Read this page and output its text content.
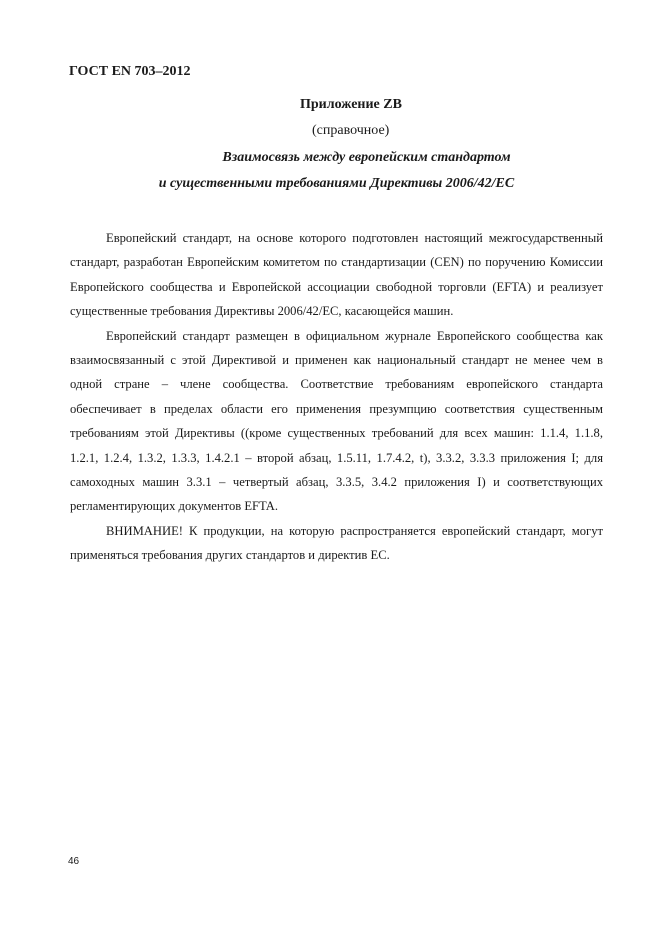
ГОСТ EN 703–2012
Приложение ZB
(справочное)
Взаимосвязь между европейским стандартом
и существенными требованиями Директивы 2006/42/ЕС

Европейский стандарт, на основе которого подготовлен настоящий межгосударственный стандарт, разработан Европейским комитетом по стандартизации (CEN) по поручению Комиссии Европейского сообщества и Европейской ассоциации свободной торговли (EFTA) и реализует существенные требования Директивы 2006/42/ЕС, касающейся машин.

Европейский стандарт размещен в официальном журнале Европейского сообщества как взаимосвязанный с этой Директивой и применен как национальный стандарт не менее чем в одной стране – члене сообщества. Соответствие требованиям европейского стандарта обеспечивает в пределах области его применения презумпцию соответствия существенным требованиям этой Директивы ((кроме существенных требований для всех машин: 1.1.4, 1.1.8, 1.2.1, 1.2.4, 1.3.2, 1.3.3, 1.4.2.1 – второй абзац, 1.5.11, 1.7.4.2, t), 3.3.2, 3.3.3 приложения I; для самоходных машин 3.3.1 – четвертый абзац, 3.3.5, 3.4.2 приложения I) и соответствующих регламентирующих документов EFTA.

ВНИМАНИЕ! К продукции, на которую распространяется европейский стандарт, могут применяться требования других стандартов и директив ЕС.

46
